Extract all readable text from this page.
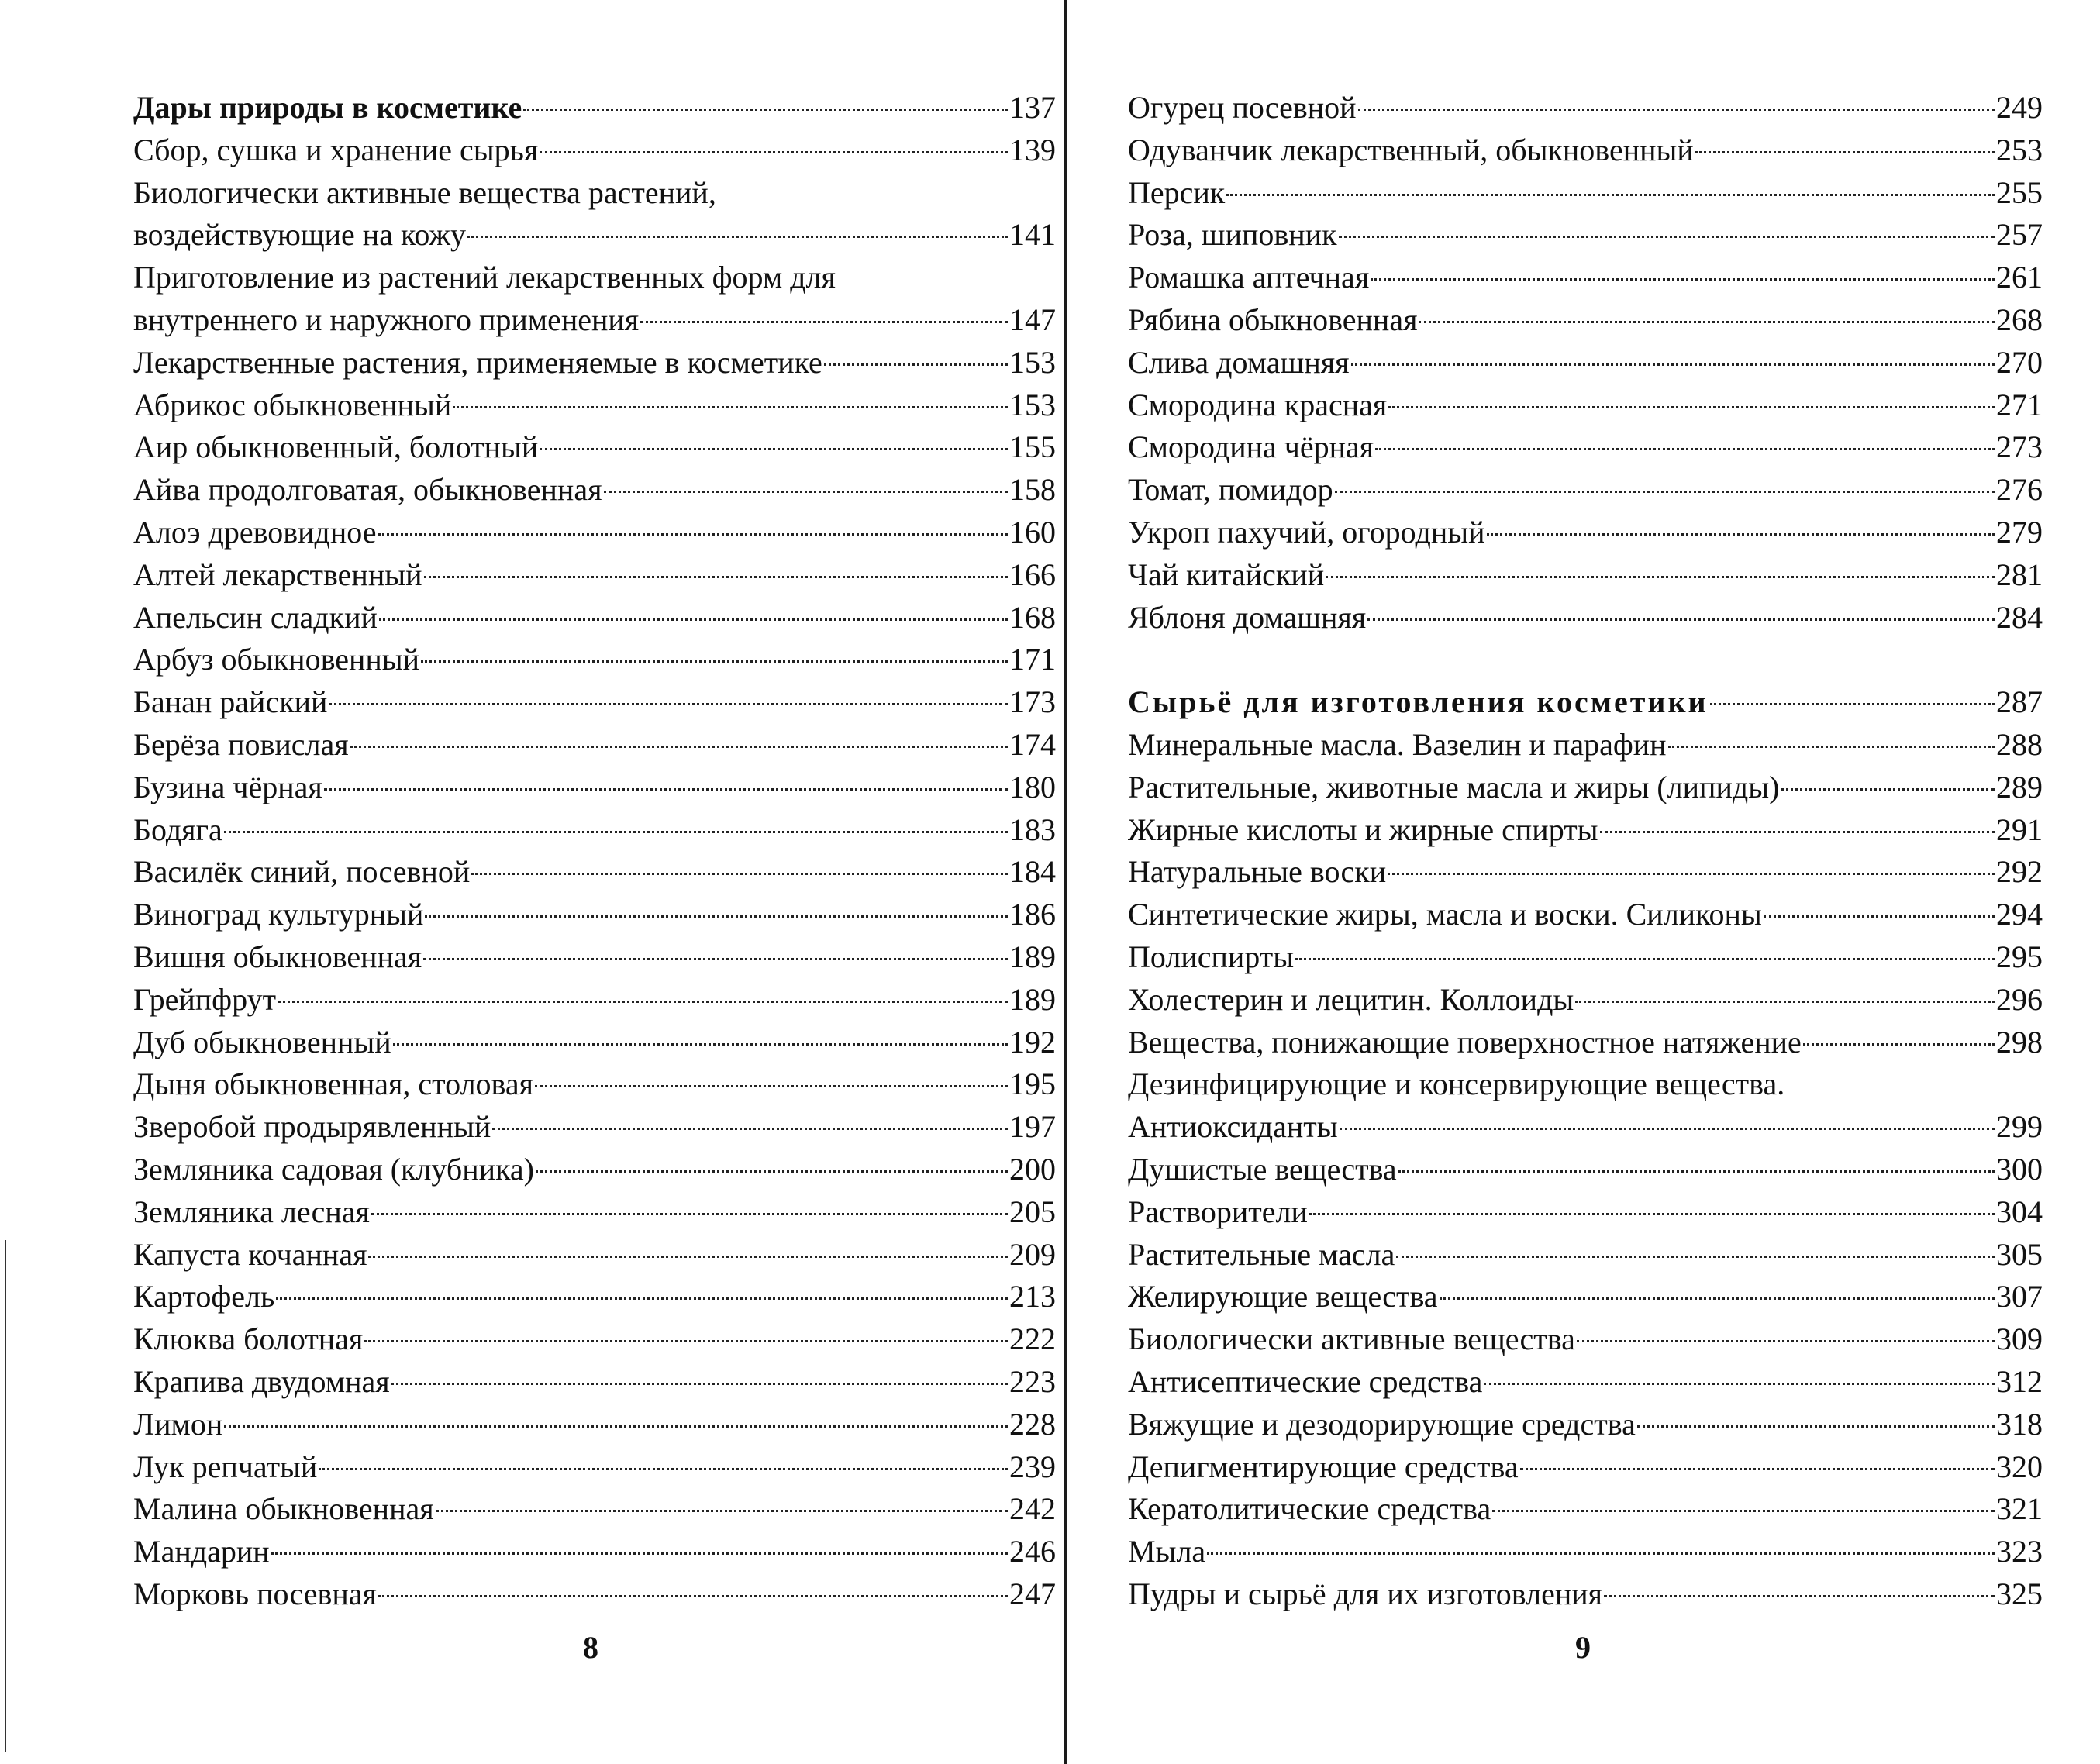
Дары природы в косметике	137
Сбор, сушка и хранение сырья	139
Биологически активные вещества растений,
воздействующие на кожу	141
Приготовление из растений лекарственных форм для
внутреннего и наружного применения	147
Лекарственные растения, применяемые в косметике	153
Абрикос обыкновенный	153
Аир обыкновенный, болотный	155
Айва продолговатая, обыкновенная	158
Алоэ древовидное	160
Алтей лекарственный	166
Апельсин сладкий	168
Арбуз обыкновенный	171
Банан райский	173
Берёза повислая	174
Бузина чёрная	180
Бодяга	183
Василёк синий, посевной	184
Виноград культурный	186
Вишня обыкновенная	189
Грейпфрут	189
Дуб обыкновенный	192
Дыня обыкновенная, столовая	195
Зверобой продырявленный	197
Земляника садовая (клубника)	200
Земляника лесная	205
Капуста кочанная	209
Картофель	213
Клюква болотная	222
Крапива двудомная	223
Лимон	228
Лук репчатый	239
Малина обыкновенная	242
Мандарин	246
Морковь посевная	247
Огурец посевной	249
Одуванчик лекарственный, обыкновенный	253
Персик	255
Роза, шиповник	257
Ромашка аптечная	261
Рябина обыкновенная	268
Слива домашняя	270
Смородина красная	271
Смородина чёрная	273
Томат, помидор	276
Укроп пахучий, огородный	279
Чай китайский	281
Яблоня домашняя	284
Сырьё для изготовления косметики	287
Минеральные масла. Вазелин и парафин	288
Растительные, животные масла и жиры (липиды)	289
Жирные кислоты и жирные спирты	291
Натуральные воски	292
Синтетические жиры, масла и воски. Силиконы	294
Полиспирты	295
Холестерин и лецитин. Коллоиды	296
Вещества, понижающие поверхностное натяжение	298
Дезинфицирующие и консервирующие вещества.
Антиоксиданты	299
Душистые вещества	300
Растворители	304
Растительные масла	305
Желирующие вещества	307
Биологически активные вещества	309
Антисептические средства	312
Вяжущие и дезодорирующие средства	318
Депигментирующие средства	320
Кератолитические средства	321
Мыла	323
Пудры и сырьё для их изготовления	325
8	9
